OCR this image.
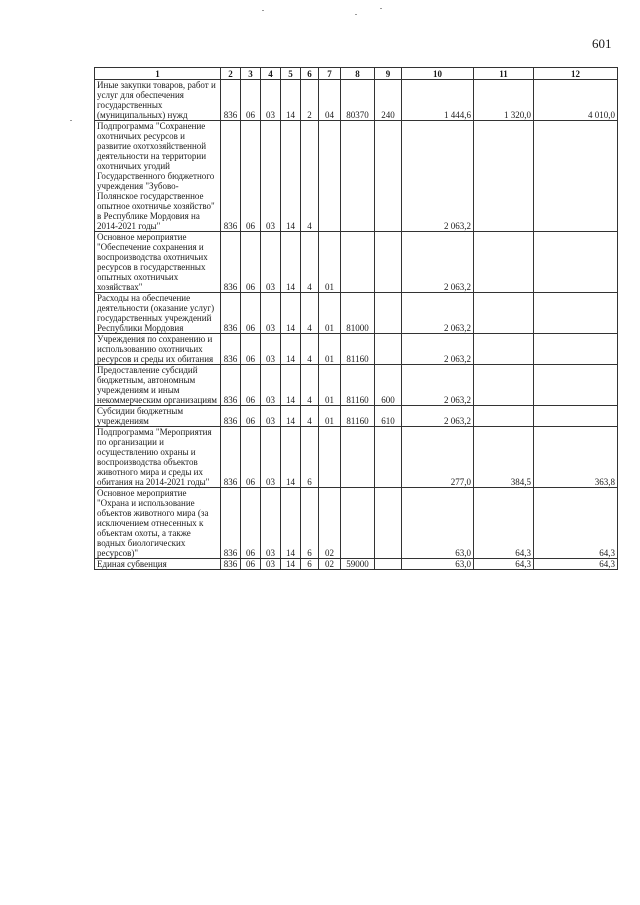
601
1	2	3	4	5	6	7	8	9	10	11	12
Иные закупки товаров, работ и услуг для обеспечения государственных (муниципальных) нужд	836	06	03	14	2	04	80370	240	1 444,6	1 320,0	4 010,0
Подпрограмма "Сохранение охотничьих ресурсов и развитие охотхозяйственной деятельности на территории охотничьих угодий Государственного бюджетного учреждения "Зубово-Полянское государственное опытное охотничье хозяйство" в Республике Мордовия на 2014-2021 годы"	836	06	03	14	4				2 063,2		
Основное мероприятие "Обеспечение сохранения и воспроизводства охотничьих ресурсов в государственных опытных охотничьих хозяйствах"	836	06	03	14	4	01			2 063,2		
Расходы на обеспечение деятельности (оказание услуг) государственных учреждений Республики Мордовия	836	06	03	14	4	01	81000		2 063,2		
Учреждения по сохранению и использованию охотничьих ресурсов и среды их обитания	836	06	03	14	4	01	81160		2 063,2		
Предоставление субсидий бюджетным, автономным учреждениям и иным некоммерческим организациям	836	06	03	14	4	01	81160	600	2 063,2		
Субсидии бюджетным учреждениям	836	06	03	14	4	01	81160	610	2 063,2		
Подпрограмма "Мероприятия по организации и осуществлению охраны и воспроизводства объектов животного мира и среды их обитания на 2014-2021 годы"	836	06	03	14	6				277,0	384,5	363,8
Основное мероприятие "Охрана и использование объектов животного мира (за исключением отнесенных к объектам охоты, а также водных биологических ресурсов)"	836	06	03	14	6	02			63,0	64,3	64,3
Единая субвенция	836	06	03	14	6	02	59000		63,0	64,3	64,3
